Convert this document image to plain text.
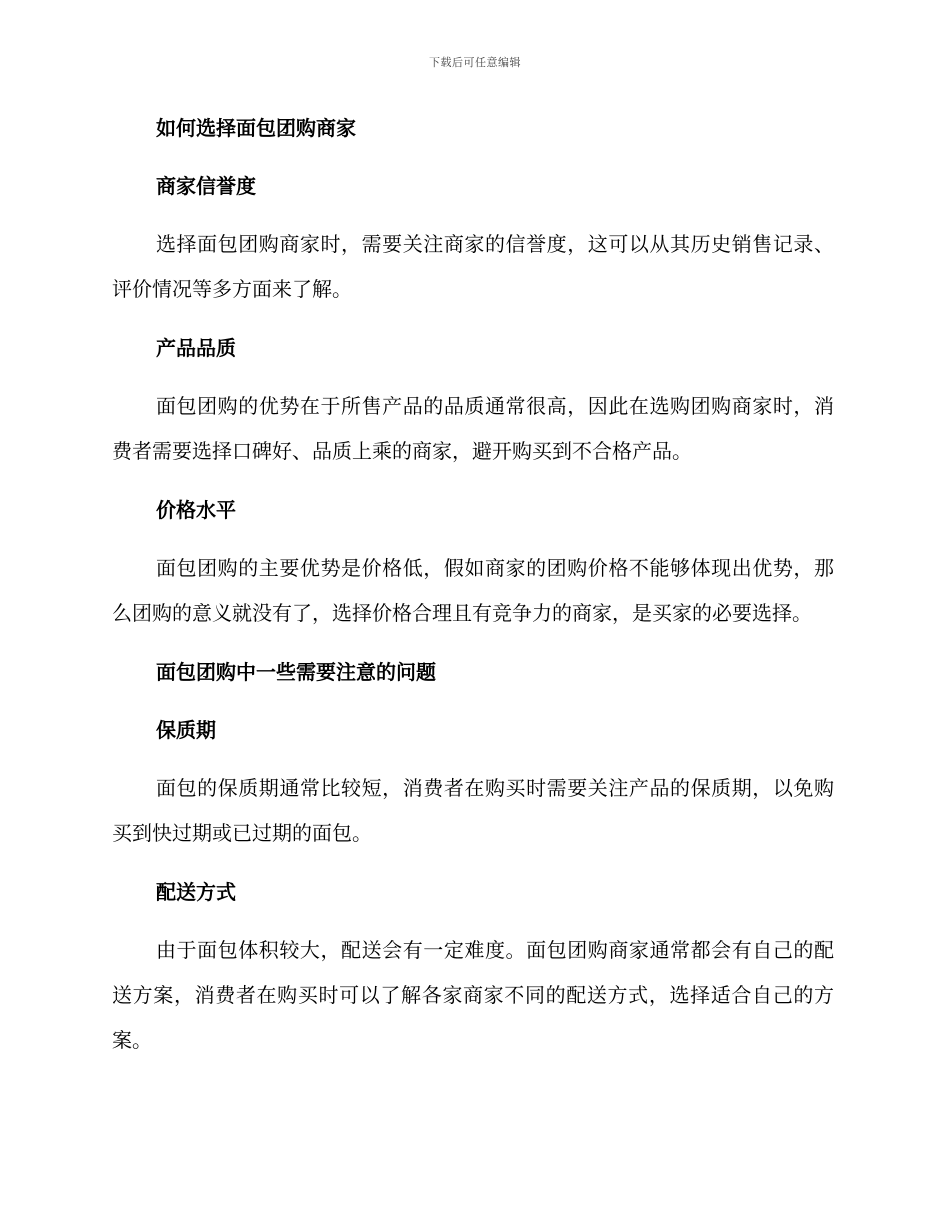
下载后可任意编辑
如何选择面包团购商家
商家信誉度

选择面包团购商家时，需要关注商家的信誉度，这可以从其历史销售记录、评价情况等多方面来了解。

产品品质

面包团购的优势在于所售产品的品质通常很高，因此在选购团购商家时，消费者需要选择口碑好、品质上乘的商家，避开购买到不合格产品。

价格水平

面包团购的主要优势是价格低，假如商家的团购价格不能够体现出优势，那么团购的意义就没有了，选择价格合理且有竞争力的商家，是买家的必要选择。

面包团购中一些需要注意的问题
保质期

面包的保质期通常比较短，消费者在购买时需要关注产品的保质期，以免购买到快过期或已过期的面包。

配送方式

由于面包体积较大，配送会有一定难度。面包团购商家通常都会有自己的配送方案，消费者在购买时可以了解各家商家不同的配送方式，选择适合自己的方案。
